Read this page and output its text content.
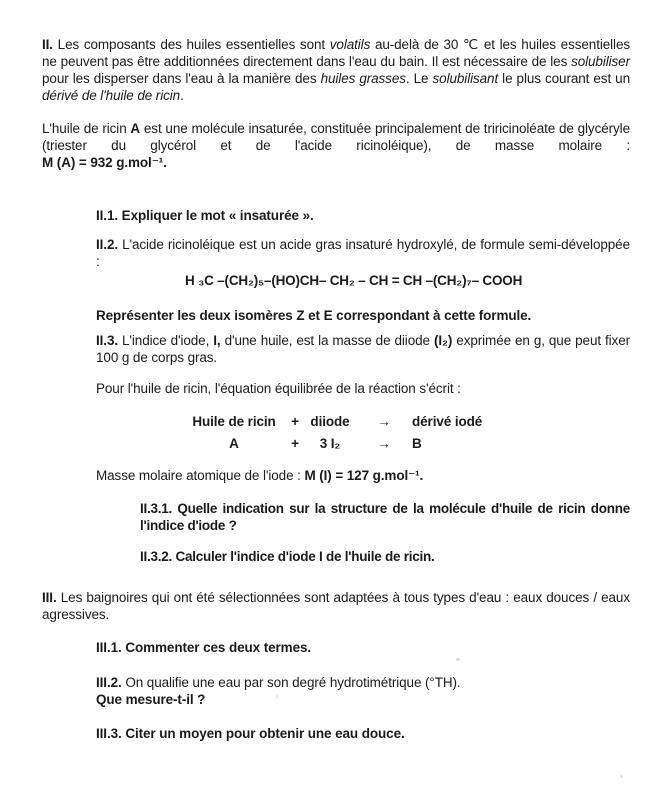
II. Les composants des huiles essentielles sont volatils au-delà de 30 ℃ et les huiles essentielles ne peuvent pas être additionnées directement dans l'eau du bain. Il est nécessaire de les solubiliser pour les disperser dans l'eau à la manière des huiles grasses. Le solubilisant le plus courant est un dérivé de l'huile de ricin.

L'huile de ricin A est une molécule insaturée, constituée principalement de triricinoléate de glycéryle (triester du glycérol et de l'acide ricinoléique), de masse molaire :
M (A) = 932 g.mol⁻¹.

II.1. Expliquer le mot « insaturée ».

II.2. L'acide ricinoléique est un acide gras insaturé hydroxylé, de formule semi-développée :

H ₃C –(CH₂)₅–(HO)CH– CH₂ – CH = CH –(CH₂)₇– COOH

Représenter les deux isomères Z et E correspondant à cette formule.

II.3. L'indice d'iode, I, d'une huile, est la masse de diiode (I₂) exprimée en g, que peut fixer 100 g de corps gras.

Pour l'huile de ricin, l'équation équilibrée de la réaction s'écrit :

Huile de ricin	+ diiode	→	dérivé iodé
A	+	3 I₂	→	B

Masse molaire atomique de l'iode : M (I) = 127 g.mol⁻¹.

II.3.1. Quelle indication sur la structure de la molécule d'huile de ricin donne l'indice d'iode ?

II.3.2. Calculer l'indice d'iode I de l'huile de ricin.

III. Les baignoires qui ont été sélectionnées sont adaptées à tous types d'eau : eaux douces / eaux agressives.

III.1. Commenter ces deux termes.

III.2. On qualifie une eau par son degré hydrotimétrique (°TH).
Que mesure-t-il ?

III.3. Citer un moyen pour obtenir une eau douce.
